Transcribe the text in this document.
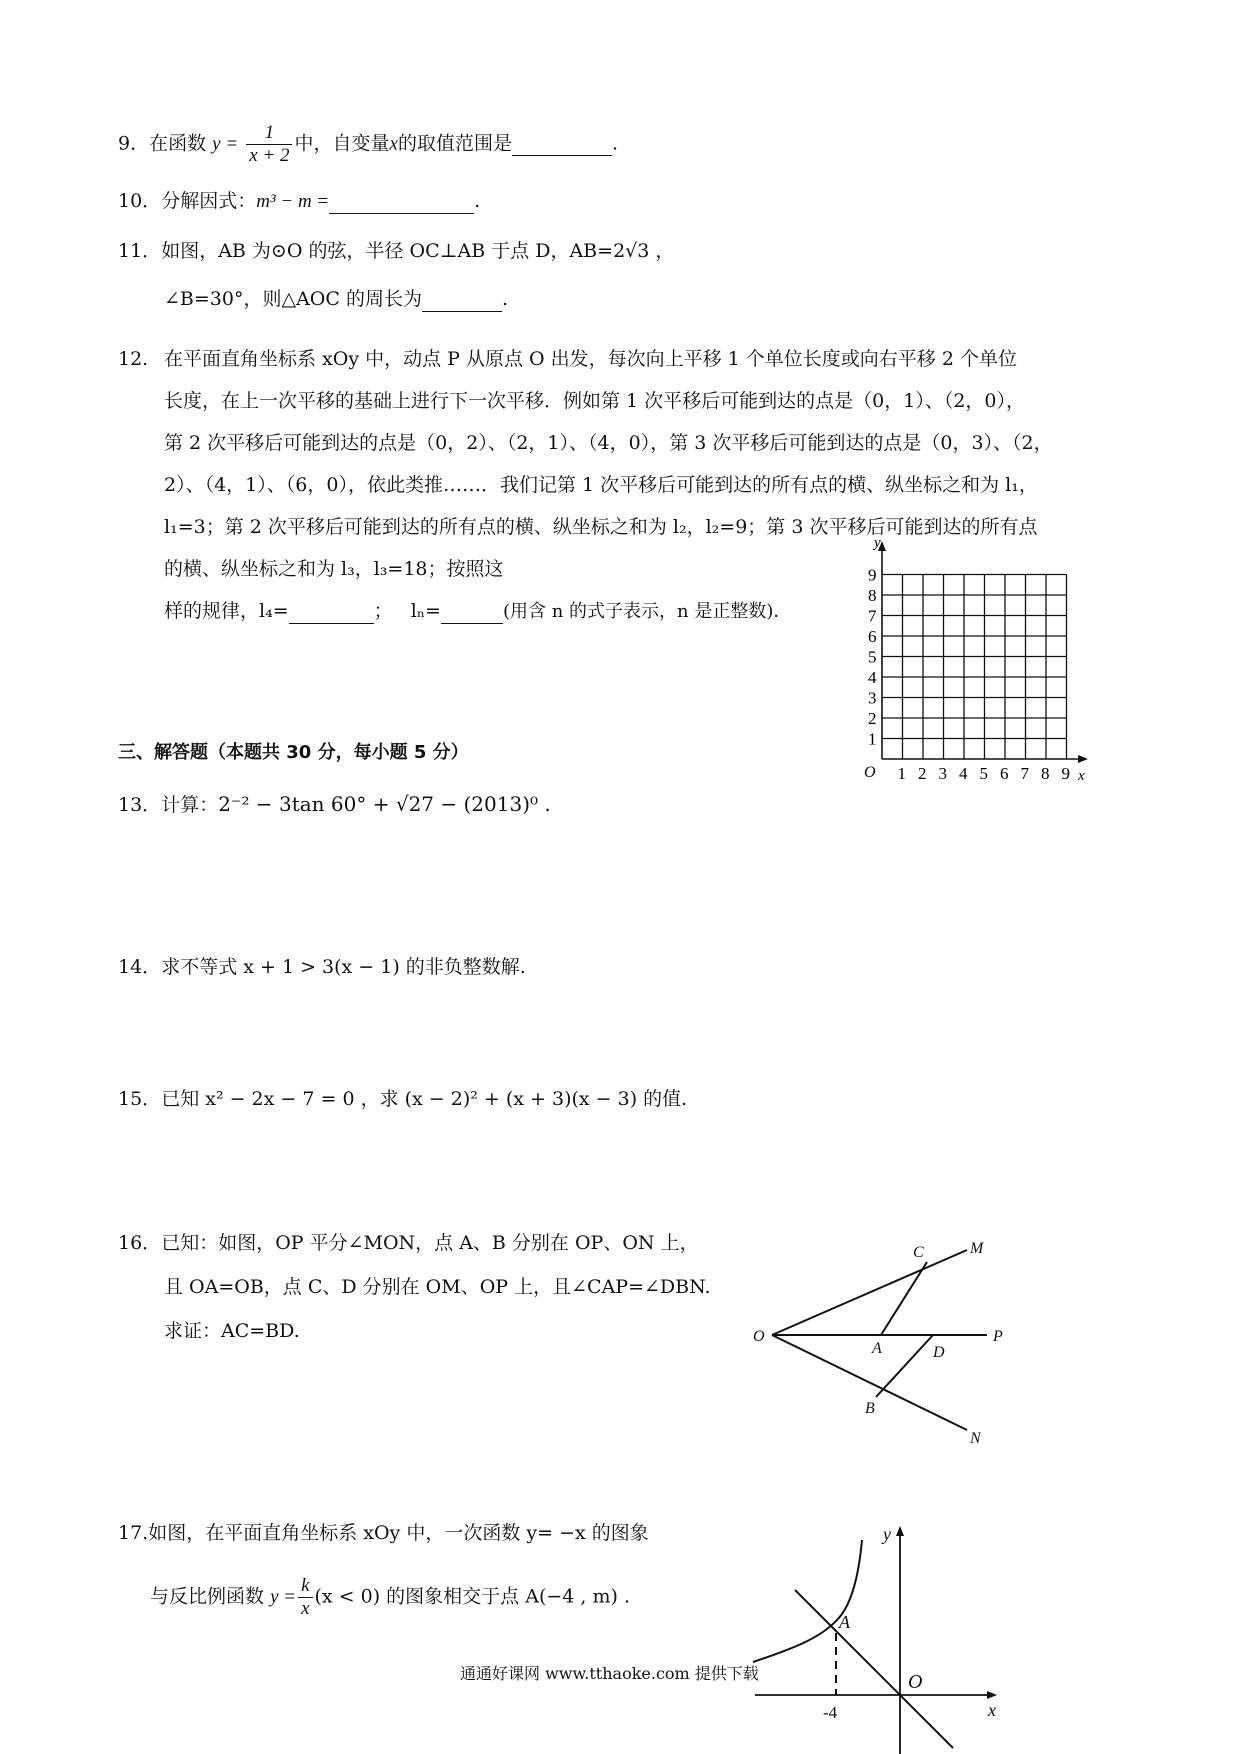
9．在函数 $y = \frac{1}{x + 2}$ 中，自变量x的取值范围是	.
10．分解因式：m³ − m =	.
11．如图，AB 为⊙O 的弦，半径 OC⊥AB 于点 D，AB=2√3 ，
∠B=30°，则△AOC 的周长为	.
12. 在平面直角坐标系 xOy 中，动点 P 从原点 O 出发，每次向上平移 1 个单位长度或向右平移 2 个单位
长度，在上一次平移的基础上进行下一次平移．例如第 1 次平移后可能到达的点是（0，1）、（2，0），
第 2 次平移后可能到达的点是（0，2）、（2，1）、（4，0），第 3 次平移后可能到达的点是（0，3）、（2，
2）、（4，1）、（6，0），依此类推……．我们记第 1 次平移后可能到达的所有点的横、纵坐标之和为 l₁，
l₁=3；第 2 次平移后可能到达的所有点的横、纵坐标之和为 l₂，l₂=9；第 3 次平移后可能到达的所有点
的横、纵坐标之和为 l₃，l₃=18；按照这
样的规律，l₄=	； lₙ=	(用含 n 的式子表示，n 是正整数)．
y
x
O 1 2 3 4 5 6 7 8 9
1
2
3
4
5
6
7
8
9
三、解答题（本题共 30 分，每小题 5 分）
13．计算：2⁻² − 3tan 60° + √27 − (2013)⁰ .
14．求不等式 x + 1 > 3(x − 1) 的非负整数解.
15．已知 x² − 2x − 7 = 0 ，求 (x − 2)² + (x + 3)(x − 3) 的值.
16．已知：如图，OP 平分∠MON，点 A、B 分别在 OP、ON 上，
且 OA=OB，点 C、D 分别在 OM、OP 上，且∠CAP=∠DBN.
求证：AC=BD.	O
M
P
N
A
B
C
D
17.如图，在平面直角坐标系 xOy 中，一次函数 y= −x 的图象
与反比例函数 $y = \frac{k}{x} (x < 0)$ 的图象相交于点 A(−4 , m) .
y
x
O
A
-4
通通好课网 www.tthaoke.com 提供下载
